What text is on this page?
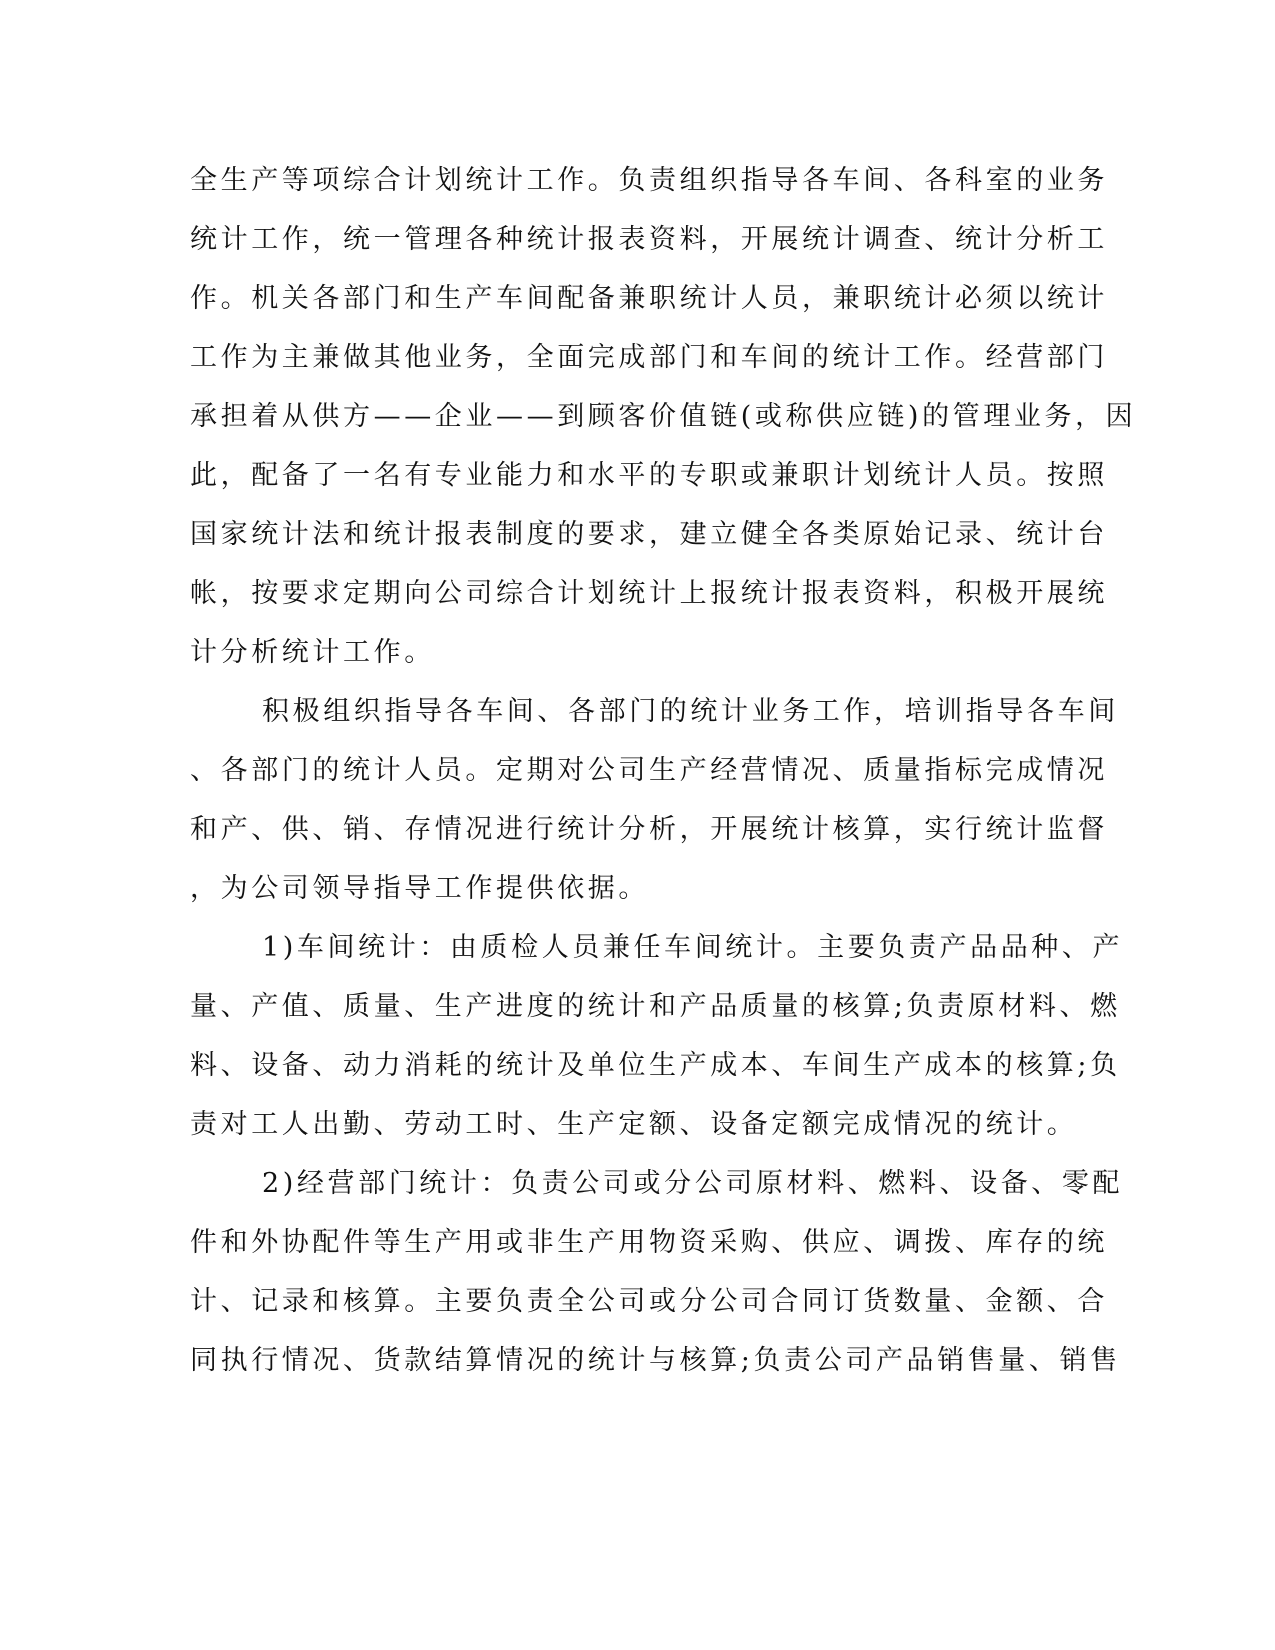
全生产等项综合计划统计工作。负责组织指导各车间、各科室的业务
统计工作，统一管理各种统计报表资料，开展统计调查、统计分析工
作。机关各部门和生产车间配备兼职统计人员，兼职统计必须以统计
工作为主兼做其他业务，全面完成部门和车间的统计工作。经营部门
承担着从供方——企业——到顾客价值链(或称供应链)的管理业务，因
此，配备了一名有专业能力和水平的专职或兼职计划统计人员。按照
国家统计法和统计报表制度的要求，建立健全各类原始记录、统计台
帐，按要求定期向公司综合计划统计上报统计报表资料，积极开展统
计分析统计工作。
积极组织指导各车间、各部门的统计业务工作，培训指导各车间
、各部门的统计人员。定期对公司生产经营情况、质量指标完成情况
和产、供、销、存情况进行统计分析，开展统计核算，实行统计监督
，为公司领导指导工作提供依据。
1)车间统计：由质检人员兼任车间统计。主要负责产品品种、产
量、产值、质量、生产进度的统计和产品质量的核算;负责原材料、燃
料、设备、动力消耗的统计及单位生产成本、车间生产成本的核算;负
责对工人出勤、劳动工时、生产定额、设备定额完成情况的统计。
2)经营部门统计：负责公司或分公司原材料、燃料、设备、零配
件和外协配件等生产用或非生产用物资采购、供应、调拨、库存的统
计、记录和核算。主要负责全公司或分公司合同订货数量、金额、合
同执行情况、货款结算情况的统计与核算;负责公司产品销售量、销售
